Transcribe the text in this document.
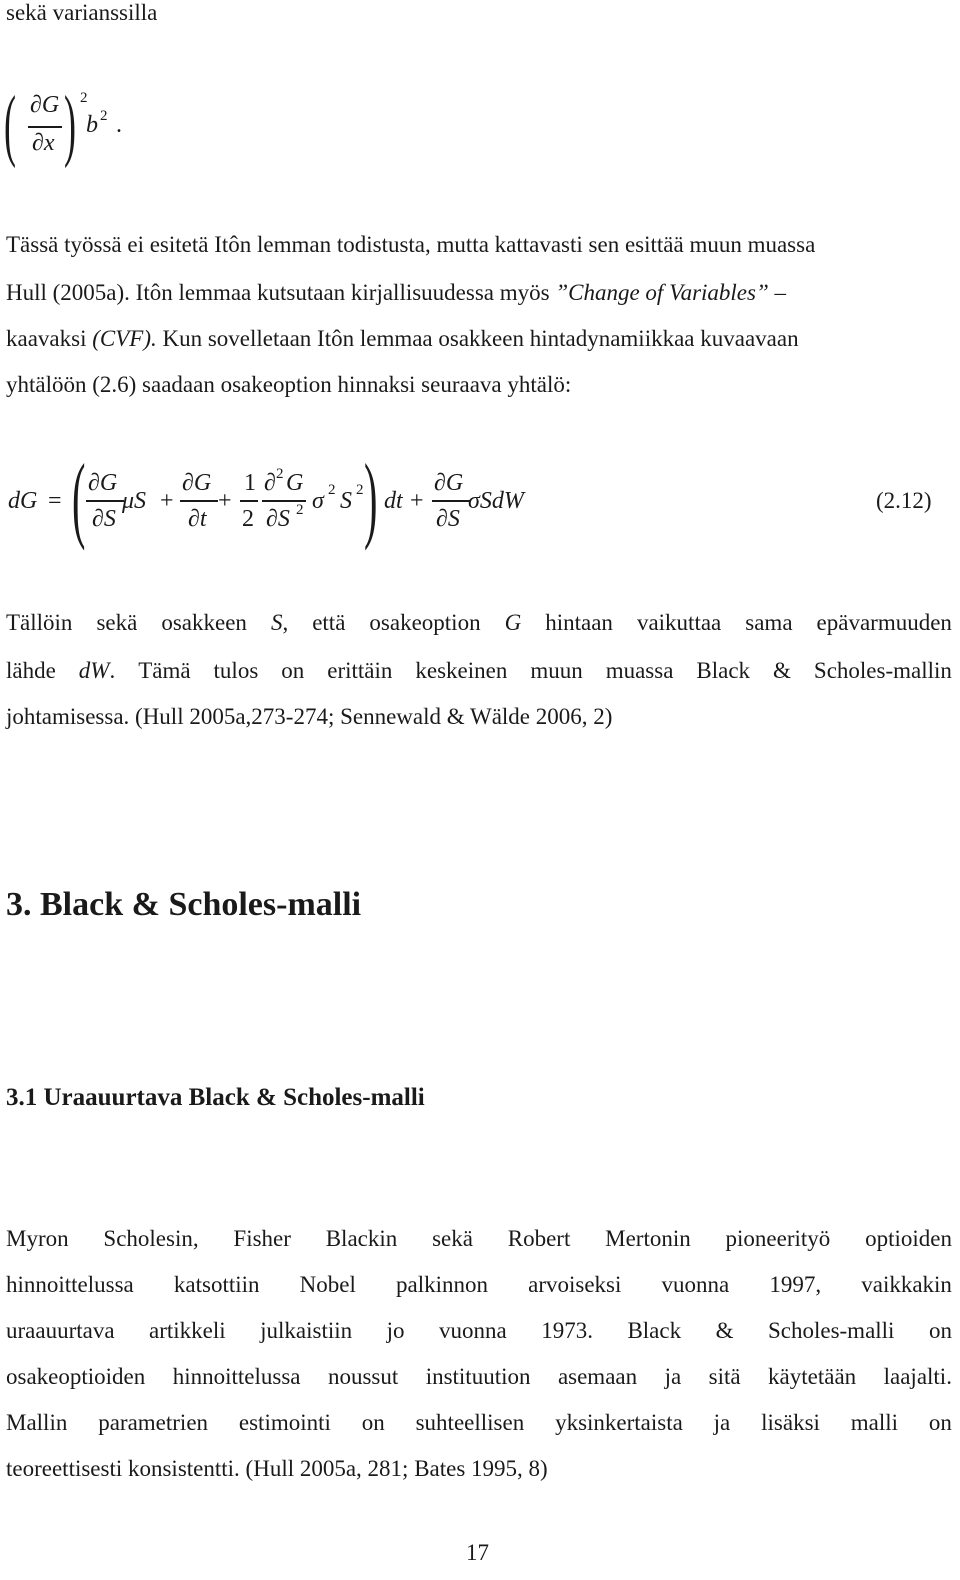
sekä varianssilla
( ∂G
∂x ) 2
b 2 .
Tässä työssä ei esitetä Itôn lemman todistusta, mutta kattavasti sen esittää muun muassa
Hull (2005a). Itôn lemmaa kutsutaan kirjallisuudessa myös ”Change of Variables” –
kaavaksi (CVF). Kun sovelletaan Itôn lemmaa osakkeen hintadynamiikkaa kuvaavaan
yhtälöön (2.6) saadaan osakeoption hinnaksi seuraava yhtälö:
dG = ( ∂G
∂S
μS +
∂G
∂t
+
1
2
∂ 2 G
∂S 2 σ 2 S 2 ) dt +
∂G
∂S
σSdW	(2.12)
Tällöin sekä osakkeen S, että osakeoption G hintaan vaikuttaa sama epävarmuuden
lähde dW. Tämä tulos on erittäin keskeinen muun muassa Black & Scholes-mallin
johtamisessa. (Hull 2005a,273-274; Sennewald & Wälde 2006, 2)
3. Black & Scholes-malli
3.1 Uraauurtava Black & Scholes-malli
Myron Scholesin, Fisher Blackin sekä Robert Mertonin pioneerityö optioiden
hinnoittelussa katsottiin Nobel palkinnon arvoiseksi vuonna 1997, vaikkakin
uraauurtava artikkeli julkaistiin jo vuonna 1973. Black & Scholes-malli on
osakeoptioiden hinnoittelussa noussut instituution asemaan ja sitä käytetään laajalti.
Mallin parametrien estimointi on suhteellisen yksinkertaista ja lisäksi malli on
teoreettisesti konsistentti. (Hull 2005a, 281; Bates 1995, 8)
17
